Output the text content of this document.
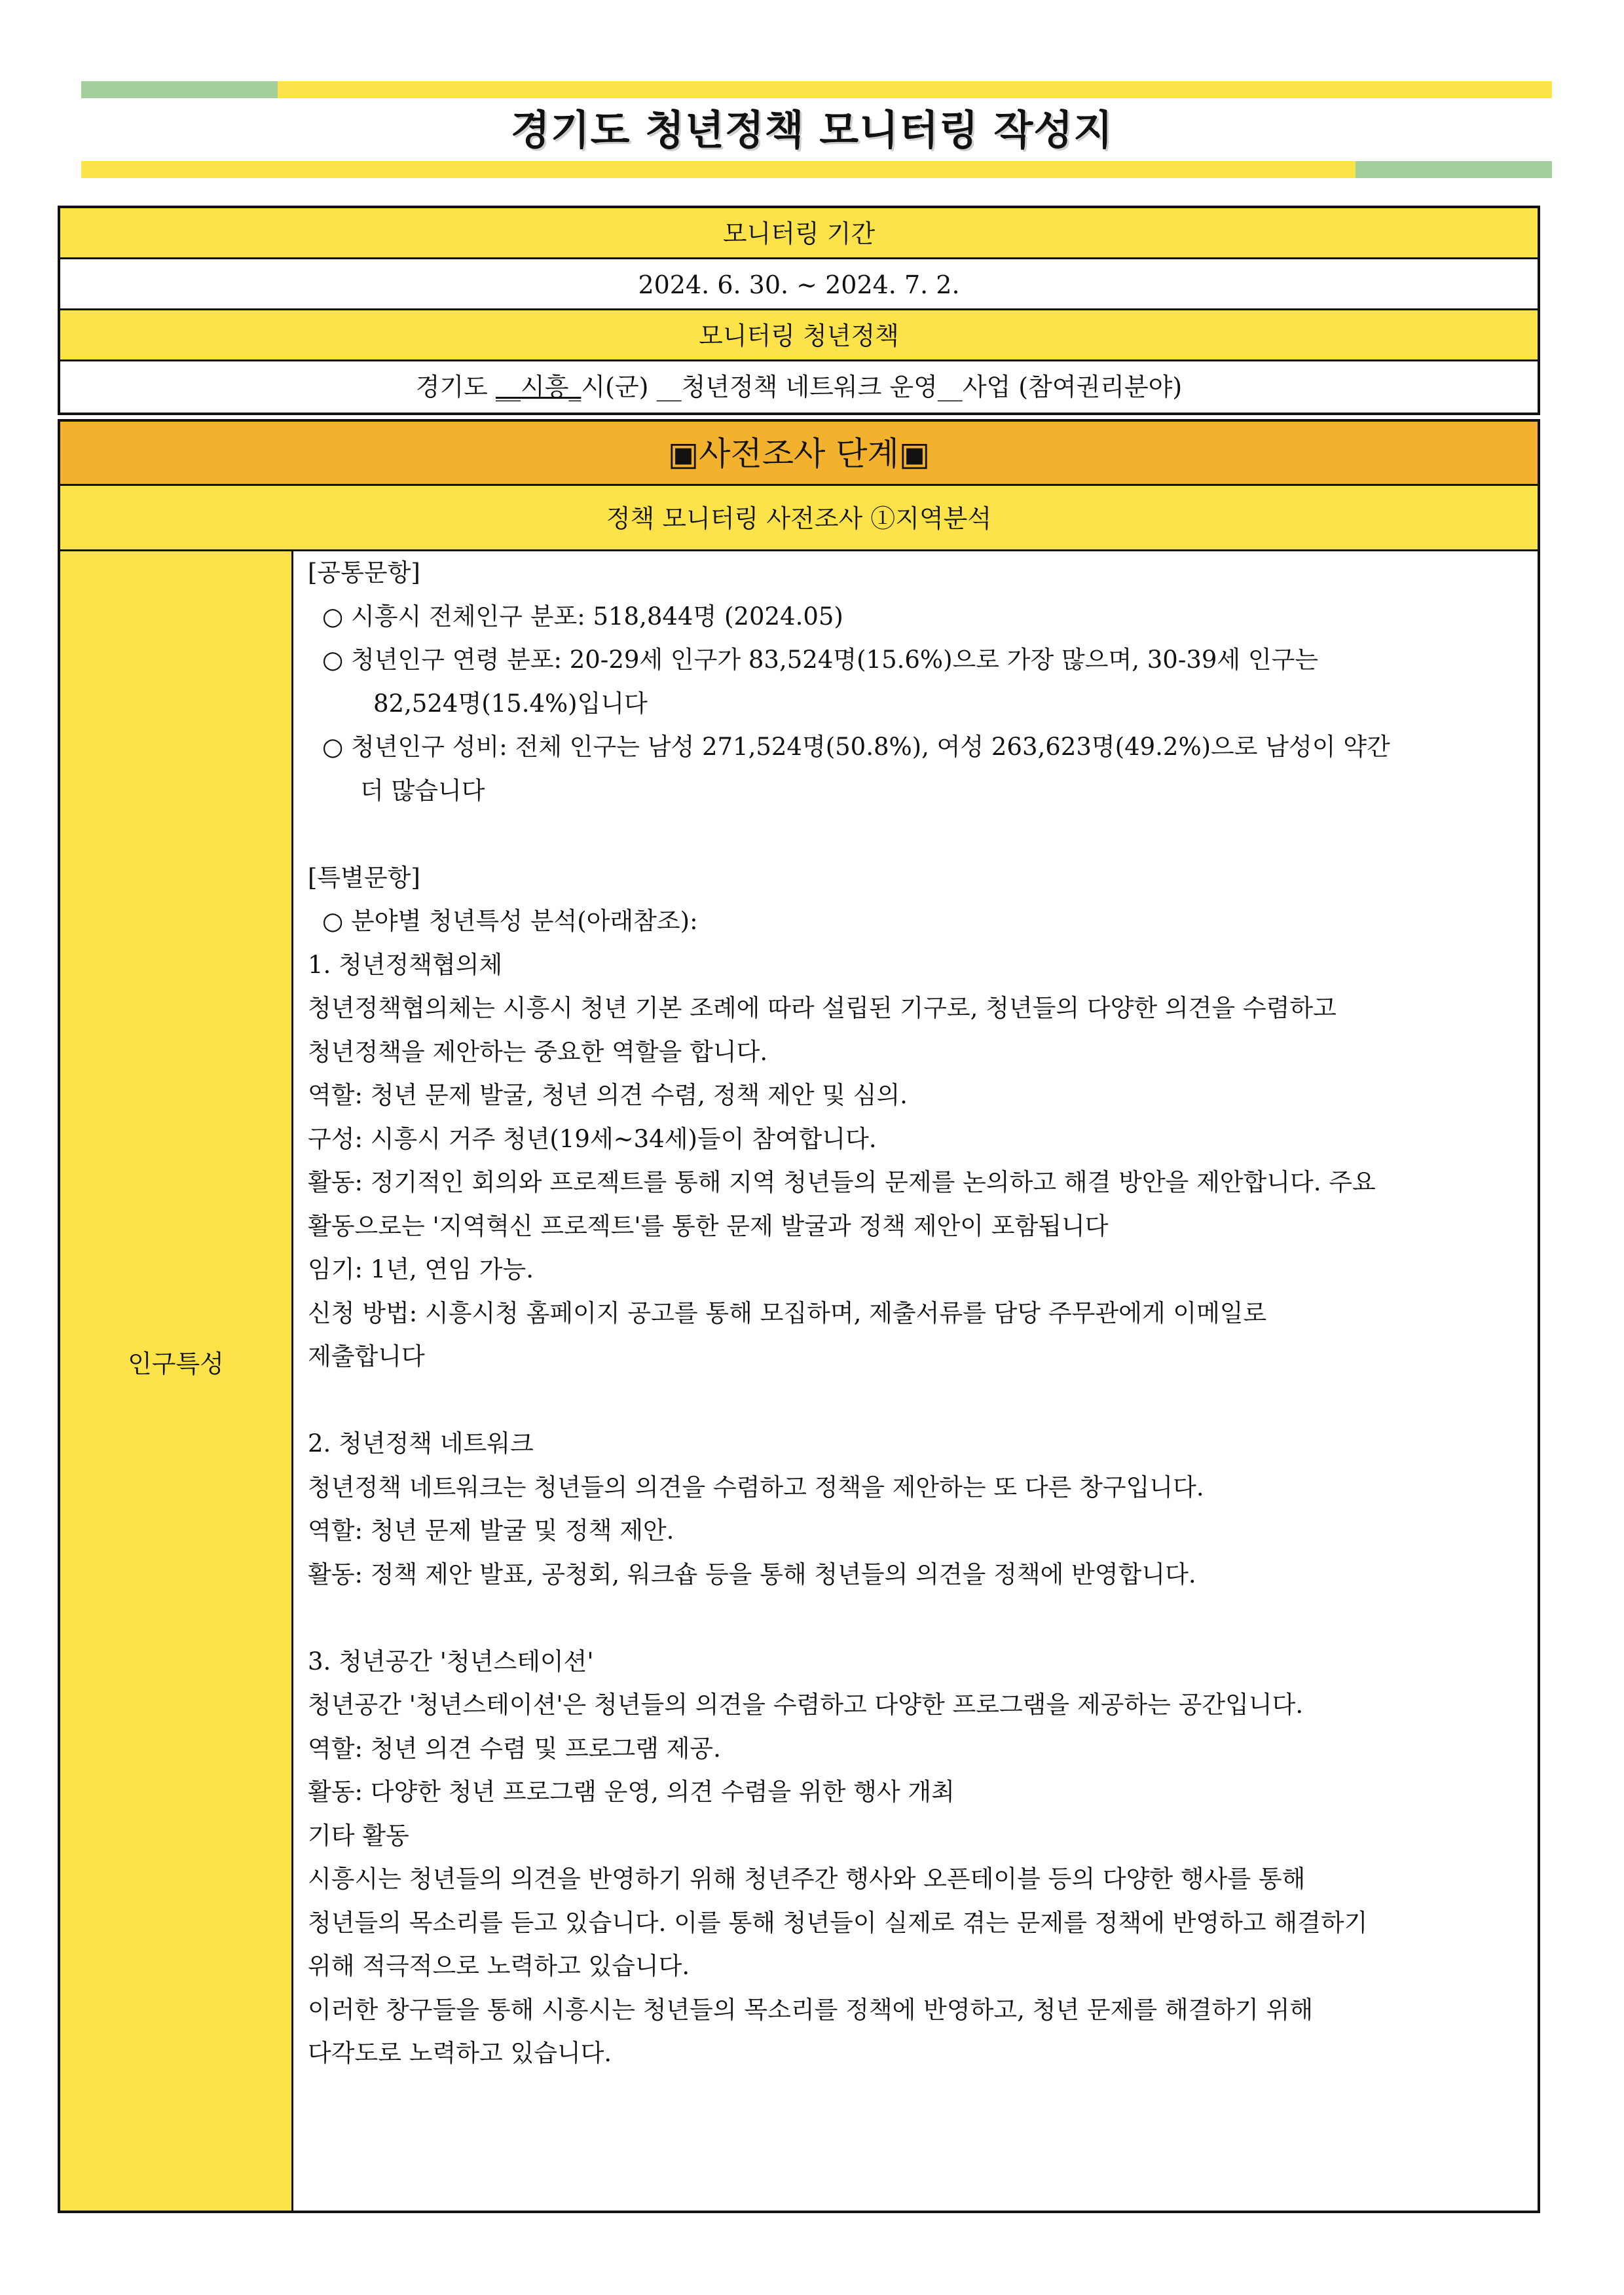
경기도 청년정책 모니터링 작성지
모니터링 기간
2024. 6. 30. ~ 2024. 7. 2.
모니터링 청년정책
경기도 __시흥_시(군) __청년정책 네트워크 운영__사업 (참여권리분야)
▣사전조사 단계▣
정책 모니터링 사전조사 ①지역분석
인구특성
[공통문항]
○ 시흥시 전체인구 분포: 518,844명 (2024.05)
○ 청년인구 연령 분포: 20-29세 인구가 83,524명(15.6%)으로 가장 많으며, 30-39세 인구는
82,524명(15.4%)입니다
○ 청년인구 성비: 전체 인구는 남성 271,524명(50.8%), 여성 263,623명(49.2%)으로 남성이 약간
더 많습니다
[특별문항]
○ 분야별 청년특성 분석(아래참조):
1. 청년정책협의체
청년정책협의체는 시흥시 청년 기본 조례에 따라 설립된 기구로, 청년들의 다양한 의견을 수렴하고
청년정책을 제안하는 중요한 역할을 합니다.
역할: 청년 문제 발굴, 청년 의견 수렴, 정책 제안 및 심의.
구성: 시흥시 거주 청년(19세~34세)들이 참여합니다.
활동: 정기적인 회의와 프로젝트를 통해 지역 청년들의 문제를 논의하고 해결 방안을 제안합니다. 주요
활동으로는 '지역혁신 프로젝트'를 통한 문제 발굴과 정책 제안이 포함됩니다
임기: 1년, 연임 가능.
신청 방법: 시흥시청 홈페이지 공고를 통해 모집하며, 제출서류를 담당 주무관에게 이메일로
제출합니다
2. 청년정책 네트워크
청년정책 네트워크는 청년들의 의견을 수렴하고 정책을 제안하는 또 다른 창구입니다.
역할: 청년 문제 발굴 및 정책 제안.
활동: 정책 제안 발표, 공청회, 워크숍 등을 통해 청년들의 의견을 정책에 반영합니다.
3. 청년공간 '청년스테이션'
청년공간 '청년스테이션'은 청년들의 의견을 수렴하고 다양한 프로그램을 제공하는 공간입니다.
역할: 청년 의견 수렴 및 프로그램 제공.
활동: 다양한 청년 프로그램 운영, 의견 수렴을 위한 행사 개최
기타 활동
시흥시는 청년들의 의견을 반영하기 위해 청년주간 행사와 오픈테이블 등의 다양한 행사를 통해
청년들의 목소리를 듣고 있습니다. 이를 통해 청년들이 실제로 겪는 문제를 정책에 반영하고 해결하기
위해 적극적으로 노력하고 있습니다.
이러한 창구들을 통해 시흥시는 청년들의 목소리를 정책에 반영하고, 청년 문제를 해결하기 위해
다각도로 노력하고 있습니다.
